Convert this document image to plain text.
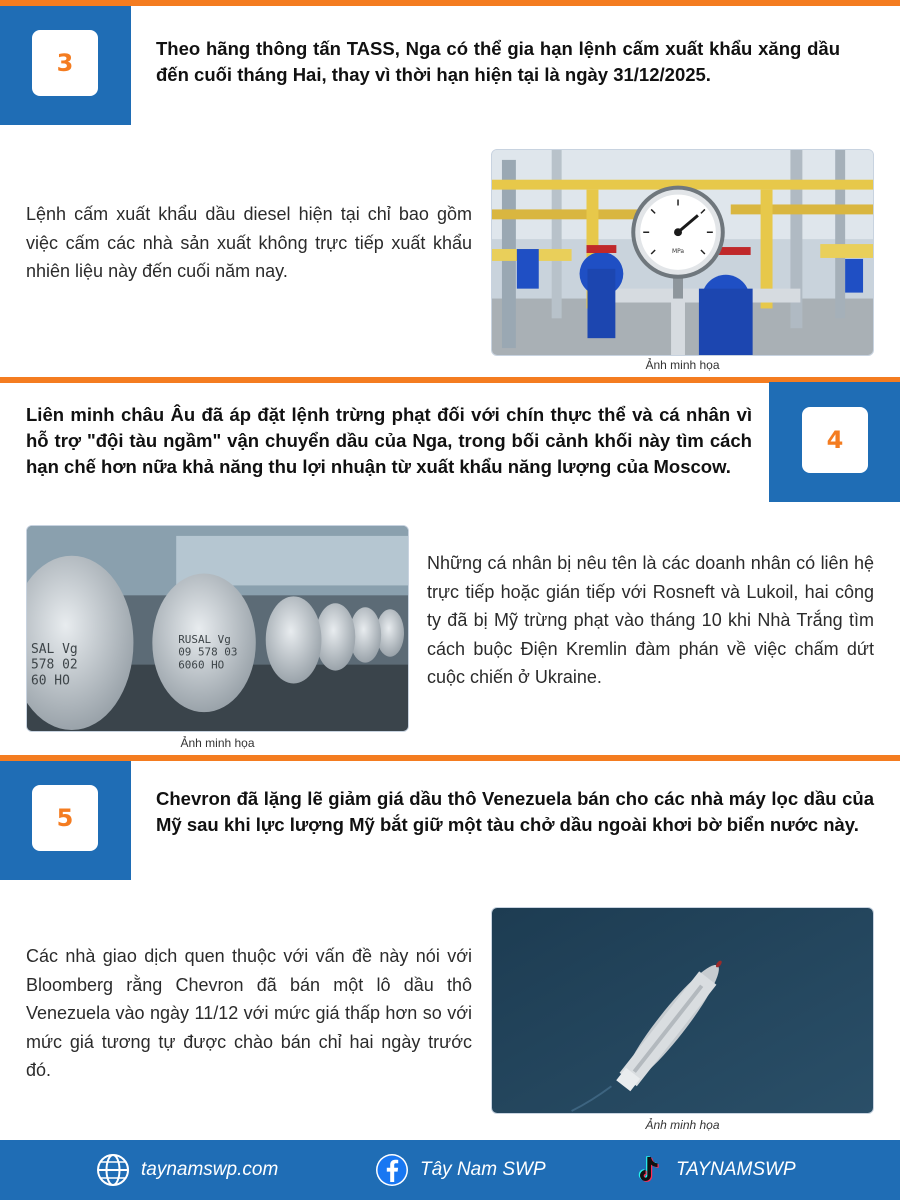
3
Theo hãng thông tấn TASS, Nga có thể gia hạn lệnh cấm xuất khẩu xăng dầu đến cuối tháng Hai, thay vì thời hạn hiện tại là ngày 31/12/2025.
Lệnh cấm xuất khẩu dầu diesel hiện tại chỉ bao gồm việc cấm các nhà sản xuất không trực tiếp xuất khẩu nhiên liệu này đến cuối năm nay.
MPa
Ảnh minh họa
4
Liên minh châu Âu đã áp đặt lệnh trừng phạt đối với chín thực thể và cá nhân vì hỗ trợ "đội tàu ngầm" vận chuyển dầu của Nga, trong bối cảnh khối này tìm cách hạn chế hơn nữa khả năng thu lợi nhuận từ xuất khẩu năng lượng của Moscow.
RUSAL Vg
09 578 03
6060 HO
SAL Vg
578 02
60 HO
Ảnh minh họa
Những cá nhân bị nêu tên là các doanh nhân có liên hệ trực tiếp hoặc gián tiếp với Rosneft và Lukoil, hai công ty đã bị Mỹ trừng phạt vào tháng 10 khi Nhà Trắng tìm cách buộc Điện Kremlin đàm phán về việc chấm dứt cuộc chiến ở Ukraine.
5
Chevron đã lặng lẽ giảm giá dầu thô Venezuela bán cho các nhà máy lọc dầu của Mỹ sau khi lực lượng Mỹ bắt giữ một tàu chở dầu ngoài khơi bờ biển nước này.
Các nhà giao dịch quen thuộc với vấn đề này nói với Bloomberg rằng Chevron đã bán một lô dầu thô Venezuela vào ngày 11/12 với mức giá thấp hơn so với mức giá tương tự được chào bán chỉ hai ngày trước đó.
Ảnh minh họa
taynamswp.com	Tây Nam SWP	TAYNAMSWP
